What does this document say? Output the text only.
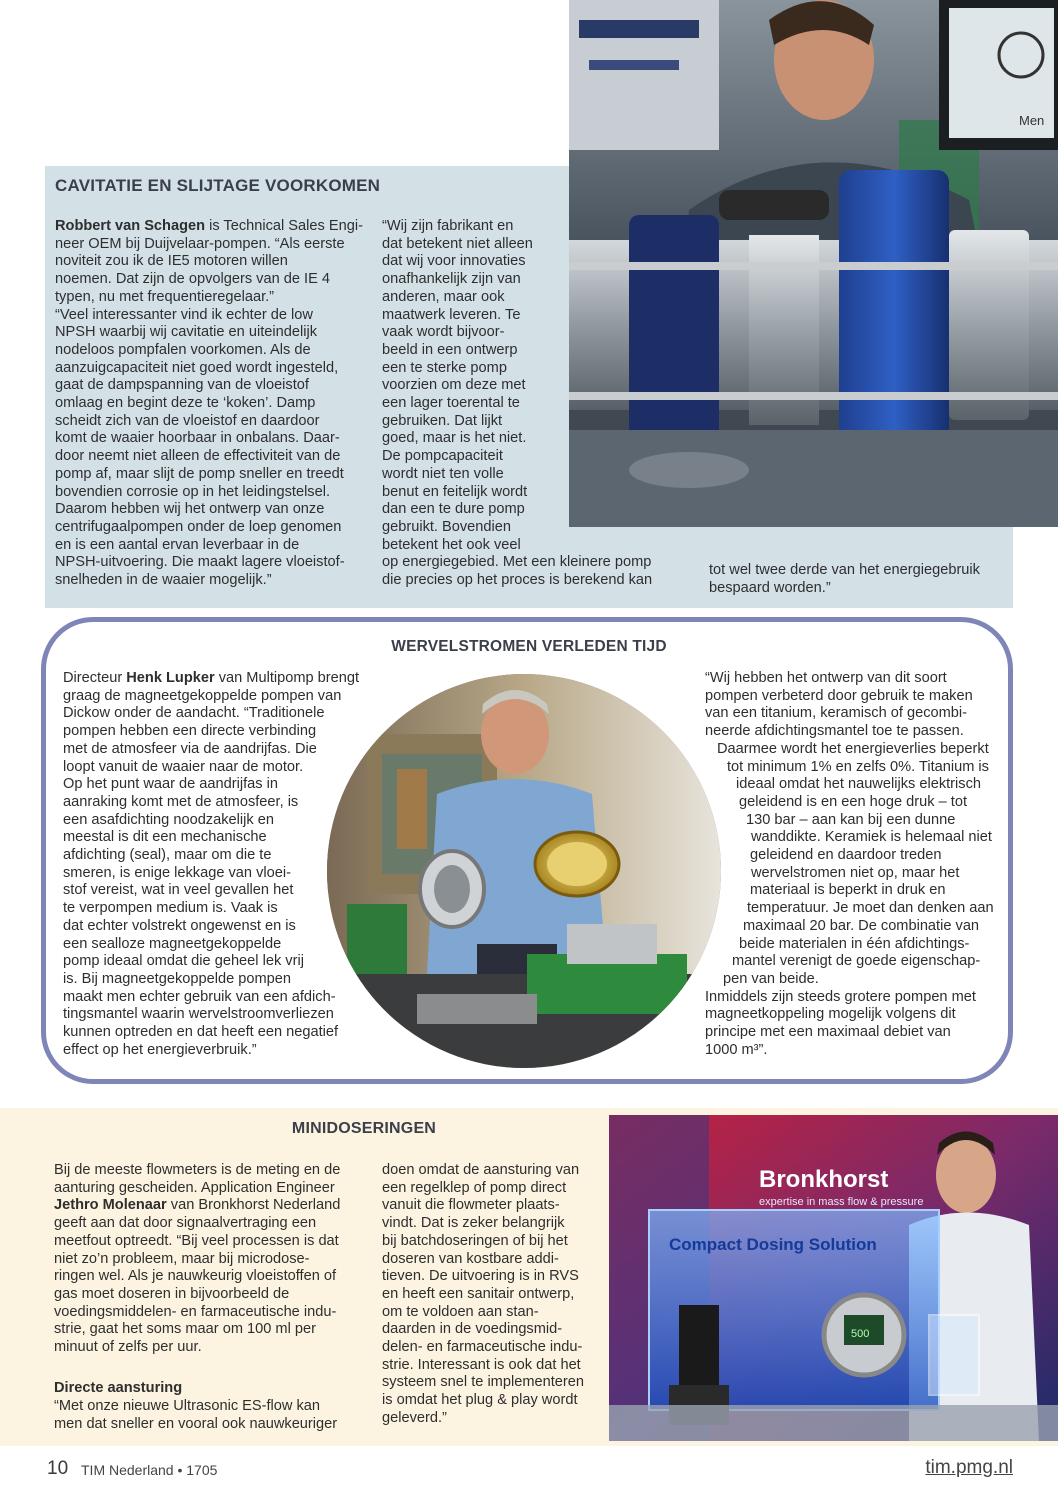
Men
CAVITATIE EN SLIJTAGE VOORKOMEN

Robbert van Schagen is Technical Sales Engi-
neer OEM bij Duijvelaar-pompen. “Als eerste
noviteit zou ik de IE5 motoren willen
noemen. Dat zijn de opvolgers van de IE 4
typen, nu met frequentieregelaar.”
“Veel interessanter vind ik echter de low
NPSH waarbij wij cavitatie en uiteindelijk
nodeloos pompfalen voorkomen. Als de
aanzuigcapaciteit niet goed wordt ingesteld,
gaat de dampspanning van de vloeistof
omlaag en begint deze te ‘koken’. Damp
scheidt zich van de vloeistof en daardoor
komt de waaier hoorbaar in onbalans. Daar-
door neemt niet alleen de effectiviteit van de
pomp af, maar slijt de pomp sneller en treedt
bovendien corrosie op in het leidingstelsel.
Daarom hebben wij het ontwerp van onze
centrifugaalpompen onder de loep genomen
en is een aantal ervan leverbaar in de
NPSH-uitvoering. Die maakt lagere vloeistof-
snelheden in de waaier mogelijk.”

“Wij zijn fabrikant en
dat betekent niet alleen
dat wij voor innovaties
onafhankelijk zijn van
anderen, maar ook
maatwerk leveren. Te
vaak wordt bijvoor-
beeld in een ontwerp
een te sterke pomp
voorzien om deze met
een lager toerental te
gebruiken. Dat lijkt
goed, maar is het niet.
De pompcapaciteit
wordt niet ten volle
benut en feitelijk wordt
dan een te dure pomp
gebruikt. Bovendien
betekent het ook veel
op energiegebied. Met een kleinere pomp
die precies op het proces is berekend kan

tot wel twee derde van het energiegebruik
bespaard worden.”

WERVELSTROMEN VERLEDEN TIJD

Directeur Henk Lupker van Multipomp brengt
graag de magneetgekoppelde pompen van
Dickow onder de aandacht. “Traditionele
pompen hebben een directe verbinding
met de atmosfeer via de aandrijfas. Die
loopt vanuit de waaier naar de motor.
Op het punt waar de aandrijfas in
aanraking komt met de atmosfeer, is
een asafdichting noodzakelijk en
meestal is dit een mechanische
afdichting (seal), maar om die te
smeren, is enige lekkage van vloei-
stof vereist, wat in veel gevallen het
te verpompen medium is. Vaak is
dat echter volstrekt ongewenst en is
een sealloze magneetgekoppelde
pomp ideaal omdat die geheel lek vrij
is. Bij magneetgekoppelde pompen
maakt men echter gebruik van een afdich-
tingsmantel waarin wervelstroomverliezen
kunnen optreden en dat heeft een negatief
effect op het energieverbruik.”

“Wij hebben het ontwerp van dit soort
pompen verbeterd door gebruik te maken
van een titanium, keramisch of gecombi-
neerde afdichtingsmantel toe te passen.
Daarmee wordt het energieverlies beperkt
tot minimum 1% en zelfs 0%. Titanium is
ideaal omdat het nauwelijks elektrisch
geleidend is en een hoge druk – tot
130 bar – aan kan bij een dunne
wanddikte. Keramiek is helemaal niet
geleidend en daardoor treden
wervelstromen niet op, maar het
materiaal is beperkt in druk en
temperatuur. Je moet dan denken aan
maximaal 20 bar. De combinatie van
beide materialen in één afdichtings-
mantel verenigt de goede eigenschap-
pen van beide.
Inmiddels zijn steeds grotere pompen met
magneetkoppeling mogelijk volgens dit
principe met een maximaal debiet van
1000 m³”.
MINIDOSERINGEN

Bij de meeste flowmeters is de meting en de
aanturing gescheiden. Application Engineer
Jethro Molenaar van Bronkhorst Nederland
geeft aan dat door signaalvertraging een
meetfout optreedt. “Bij veel processen is dat
niet zo’n probleem, maar bij microdose-
ringen wel. Als je nauwkeurig vloeistoffen of
gas moet doseren in bijvoorbeeld de
voedingsmiddelen- en farmaceutische indu-
strie, gaat het soms maar om 100 ml per
minuut of zelfs per uur.

Directe aansturing

“Met onze nieuwe Ultrasonic ES-flow kan
men dat sneller en vooral ook nauwkeuriger

doen omdat de aansturing van
een regelklep of pomp direct
vanuit die flowmeter plaats-
vindt. Dat is zeker belangrijk
bij batchdoseringen of bij het
doseren van kostbare addi-
tieven. De uitvoering is in RVS
en heeft een sanitair ontwerp,
om te voldoen aan stan-
daarden in de voedingsmid-
delen- en farmaceutische indu-
strie. Interessant is ook dat het
systeem snel te implementeren
is omdat het plug & play wordt
geleverd.”

Bronkhorst
expertise in mass flow & pressure
Compact Dosing Solution
500
10 TIM Nederland • 1705	tim.pmg.nl
